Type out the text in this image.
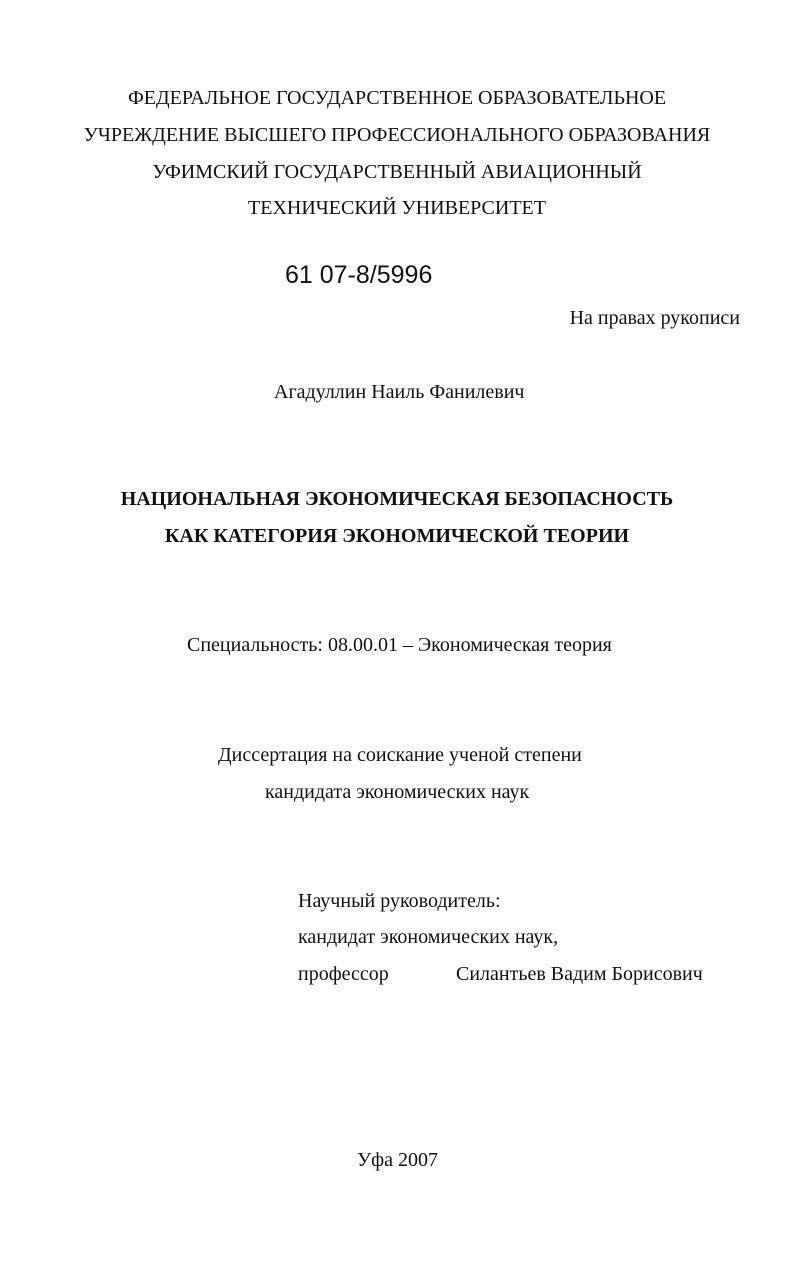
ФЕДЕРАЛЬНОЕ ГОСУДАРСТВЕННОЕ ОБРАЗОВАТЕЛЬНОЕ
УЧРЕЖДЕНИЕ ВЫСШЕГО ПРОФЕССИОНАЛЬНОГО ОБРАЗОВАНИЯ
УФИМСКИЙ ГОСУДАРСТВЕННЫЙ АВИАЦИОННЫЙ
ТЕХНИЧЕСКИЙ УНИВЕРСИТЕТ
61 07-8/5996
На правах рукописи
Агадуллин Наиль Фанилевич
НАЦИОНАЛЬНАЯ ЭКОНОМИЧЕСКАЯ БЕЗОПАСНОСТЬ
КАК КАТЕГОРИЯ ЭКОНОМИЧЕСКОЙ ТЕОРИИ
Специальность: 08.00.01 – Экономическая теория
Диссертация на соискание ученой степени
кандидата экономических наук
Научный руководитель:
кандидат экономических наук,
профессор	Силантьев Вадим Борисович
Уфа 2007
